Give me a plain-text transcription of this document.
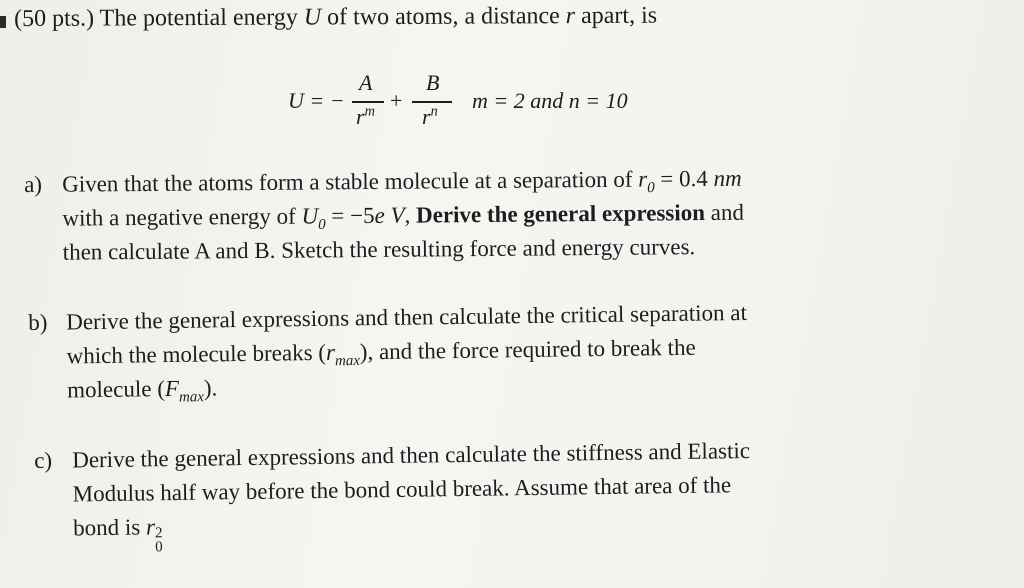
(50 pts.) The potential energy U of two atoms, a distance r apart, is
U = −
A
$r^m$ +
B
$r^n$ m = 2 and n = 10
a) Given that the atoms form a stable molecule at a separation of $r_0 = 0.4$ nm
with a negative energy of $U_0 = -5e$ V, Derive the general expression and
then calculate A and B. Sketch the resulting force and energy curves.
b) Derive the general expressions and then calculate the critical separation at
which the molecule breaks $(r_{max})$, and the force required to break the
molecule $(F_{max})$.
c) Derive the general expressions and then calculate the stiffness and Elastic
Modulus half way before the bond could break. Assume that area of the
bond is r 2
0
